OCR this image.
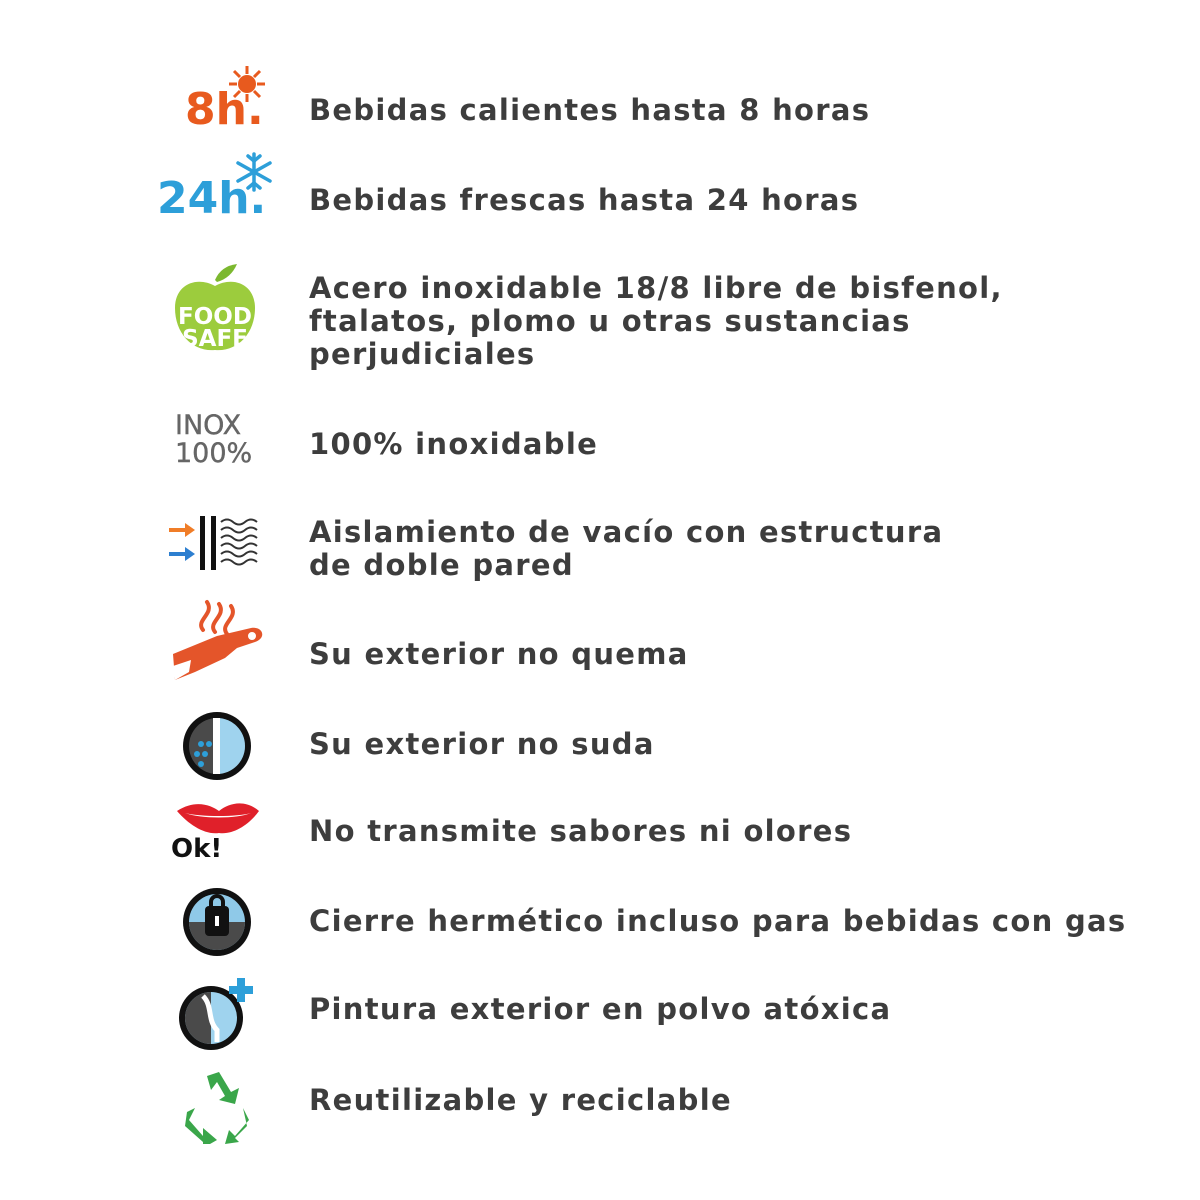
8h. Bebidas calientes hasta 8 horas

24h. Bebidas frescas hasta 24 horas

FOOD
SAFE

Acero inoxidable 18/8 libre de bisfenol,
ftalatos, plomo u otras sustancias
perjudiciales

INOX
100% 100% inoxidable

Aislamiento de vacío con estructura
de doble pared

Su exterior no quema

Su exterior no suda

Ok!

No transmite sabores ni olores

Cierre hermético incluso para bebidas con gas

Pintura exterior en polvo atóxica

Reutilizable y reciclable
